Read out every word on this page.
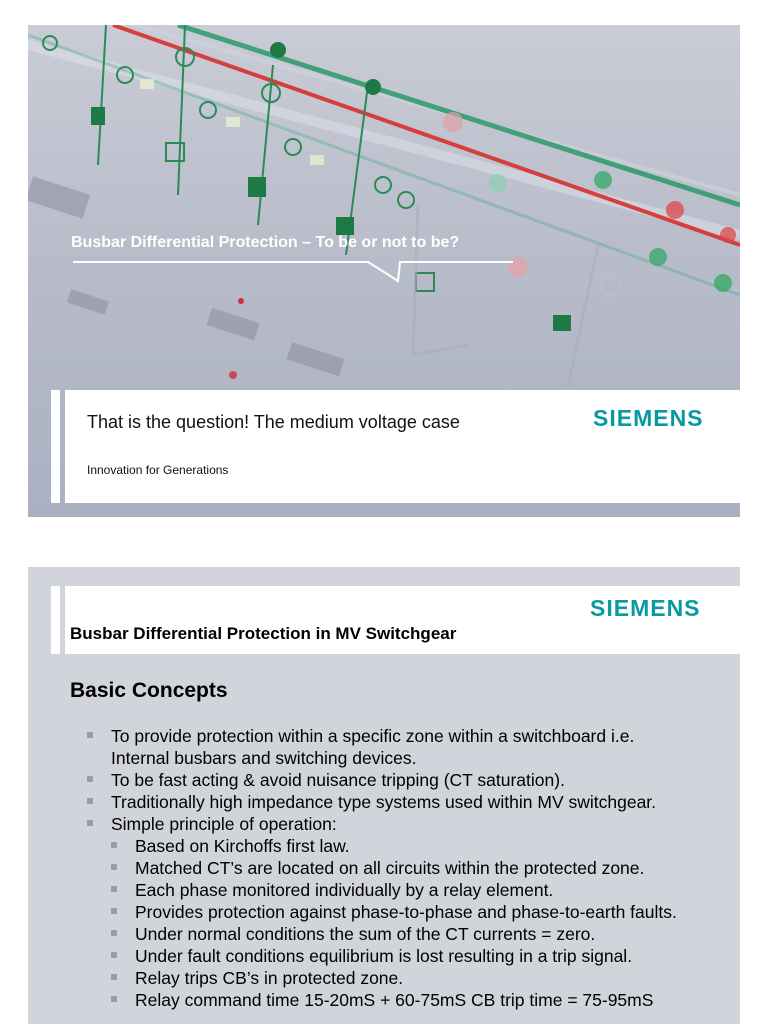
Busbar Differential Protection – To be or not to be?
That is the question! The medium voltage case
Innovation for Generations
SIEMENS
SIEMENS
Busbar Differential Protection in MV Switchgear
Basic Concepts
To provide protection within a specific zone within a switchboard i.e.
Internal busbars and switching devices.
To be fast acting & avoid nuisance tripping (CT saturation).
Traditionally high impedance type systems used within MV switchgear.
Simple principle of operation:
Based on Kirchoffs first law.
Matched CT’s are located on all circuits within the protected zone.
Each phase monitored individually by a relay element.
Provides protection against phase-to-phase and phase-to-earth faults.
Under normal conditions the sum of the CT currents = zero.
Under fault conditions equilibrium is lost resulting in a trip signal.
Relay trips CB’s in protected zone.
Relay command time 15-20mS + 60-75mS CB trip time = 75-95mS
